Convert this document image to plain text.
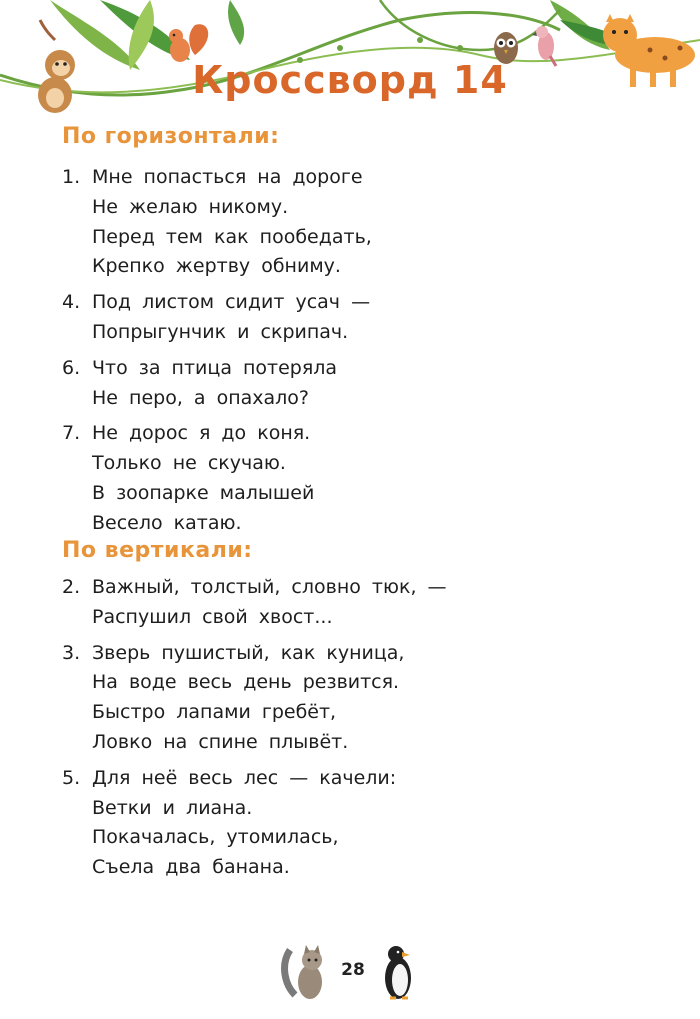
Кроссворд 14
По горизонтали:
1. Мне попасться на дороге
Не желаю никому.
Перед тем как пообедать,
Крепко жертву обниму.
4. Под листом сидит усач —
Попрыгунчик и скрипач.
6. Что за птица потеряла
Не перо, а опахало?
7. Не дорос я до коня.
Только не скучаю.
В зоопарке малышей
Весело катаю.
По вертикали:
2. Важный, толстый, словно тюк, —
Распушил свой хвост...
3. Зверь пушистый, как куница,
На воде весь день резвится.
Быстро лапами гребёт,
Ловко на спине плывёт.
5. Для неё весь лес — качели:
Ветки и лиана.
Покачалась, утомилась,
Съела два банана.
28
